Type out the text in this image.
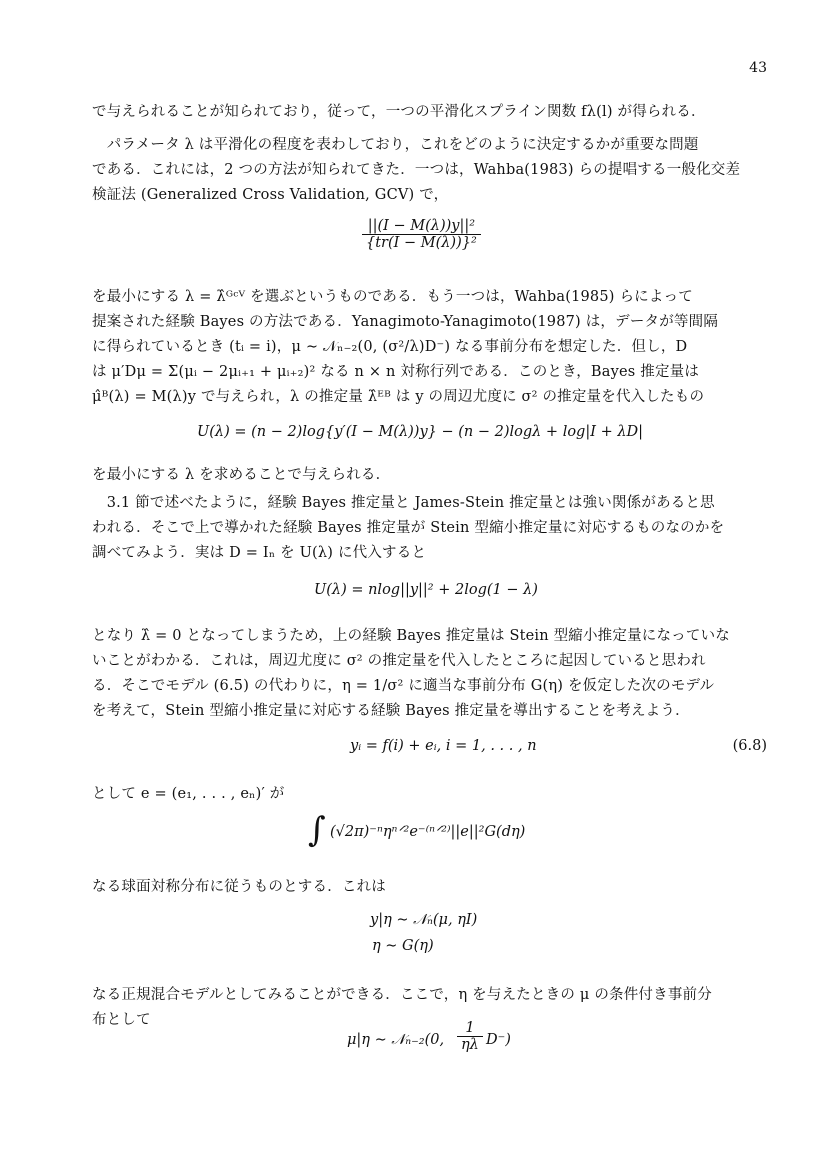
43
で与えられることが知られており，従って，一つの平滑化スプライン関数 fλ(l) が得られる．
　パラメータ λ は平滑化の程度を表わしており，これをどのように決定するかが重要な問題
である．これには，2 つの方法が知られてきた．一つは，Wahba(1983) らの提唱する一般化交差
検証法 (Generalized Cross Validation, GCV) で，
$\frac{\text{||(I − M(λ))y||²}}{\text{\{tr(I − M(λ))\}²}}$
を最小にする λ = λ̂ᴳᶜⱽ を選ぶというものである．もう一つは，Wahba(1985) らによって
提案された経験 Bayes の方法である．Yanagimoto-Yanagimoto(1987) は，データが等間隔
に得られているとき (tᵢ = i)，μ ∼ 𝒩ₙ₋₂(0, (σ²/λ)D⁻) なる事前分布を想定した．但し，D
は μ′Dμ = Σ(μᵢ − 2μᵢ₊₁ + μᵢ₊₂)² なる n × n 対称行列である．このとき，Bayes 推定量は
μ̂ᴮ(λ) = M(λ)y で与えられ，λ の推定量 λ̂ᴱᴮ は y の周辺尤度に σ² の推定量を代入したもの
U(λ) = (n − 2)log{y′(I − M(λ))y} − (n − 2)logλ + log|I + λD|
を最小にする λ を求めることで与えられる．
　3.1 節で述べたように，経験 Bayes 推定量と James-Stein 推定量とは強い関係があると思
われる．そこで上で導かれた経験 Bayes 推定量が Stein 型縮小推定量に対応するものなのかを
調べてみよう．実は D = Iₙ を U(λ) に代入すると
U(λ) = nlog||y||² + 2log(1 − λ)
となり λ̂ = 0 となってしまうため，上の経験 Bayes 推定量は Stein 型縮小推定量になっていな
いことがわかる．これは，周辺尤度に σ² の推定量を代入したところに起因していると思われ
る．そこでモデル (6.5) の代わりに，η = 1/σ² に適当な事前分布 G(η) を仮定した次のモデル
を考えて，Stein 型縮小推定量に対応する経験 Bayes 推定量を導出することを考えよう．
yᵢ = f(i) + eᵢ, i = 1, . . . , n	(6.8)
として e = (e₁, . . . , eₙ)′ が
∫ (√2π)⁻ⁿηⁿᐟ²e⁻⁽ⁿᐟ²⁾||e||²G(dη)
なる球面対称分布に従うものとする．これは
y|η ∼ 𝒩ₙ(μ, ηI)
η ∼ G(η)
なる正規混合モデルとしてみることができる．ここで，η を与えたときの μ の条件付き事前分
布として
μ|η ∼ 𝒩ₙ₋₂(0, $\frac{1}{\eta\lambda} D^-$)
